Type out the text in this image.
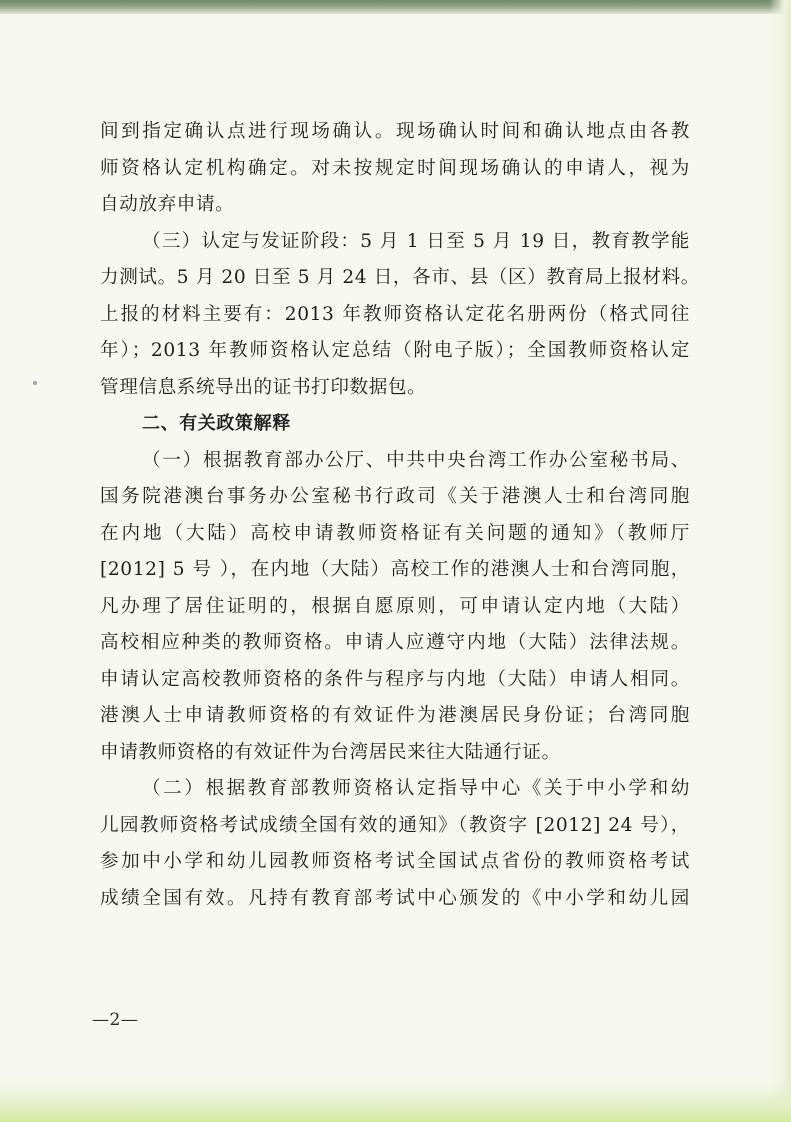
间到指定确认点进行现场确认。现场确认时间和确认地点由各教
师资格认定机构确定。对未按规定时间现场确认的申请人，视为
自动放弃申请。
（三）认定与发证阶段：5 月 1 日至 5 月 19 日，教育教学能
力测试。5 月 20 日至 5 月 24 日，各市、县（区）教育局上报材料。
上报的材料主要有：2013 年教师资格认定花名册两份（格式同往
年）；2013 年教师资格认定总结（附电子版）；全国教师资格认定
管理信息系统导出的证书打印数据包。
二、有关政策解释
（一）根据教育部办公厅、中共中央台湾工作办公室秘书局、
国务院港澳台事务办公室秘书行政司《关于港澳人士和台湾同胞
在内地（大陆）高校申请教师资格证有关问题的通知》（教师厅
[2012] 5 号 ），在内地（大陆）高校工作的港澳人士和台湾同胞，
凡办理了居住证明的，根据自愿原则，可申请认定内地（大陆）
高校相应种类的教师资格。申请人应遵守内地（大陆）法律法规。
申请认定高校教师资格的条件与程序与内地（大陆）申请人相同。
港澳人士申请教师资格的有效证件为港澳居民身份证；台湾同胞
申请教师资格的有效证件为台湾居民来往大陆通行证。
（二）根据教育部教师资格认定指导中心《关于中小学和幼
儿园教师资格考试成绩全国有效的通知》（教资字 [2012] 24 号），
参加中小学和幼儿园教师资格考试全国试点省份的教师资格考试
成绩全国有效。凡持有教育部考试中心颁发的《中小学和幼儿园
—2—
